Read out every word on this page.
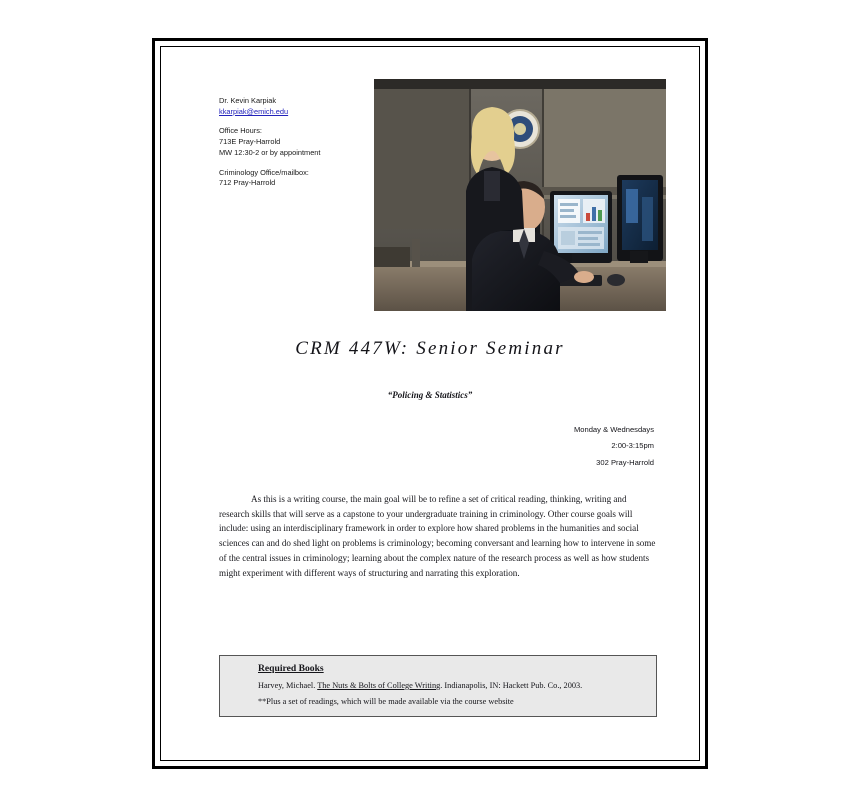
Dr. Kevin Karpiak
kkarpiak@emich.edu
Office Hours:
713E Pray-Harrold
MW 12:30-2 or by appointment
Criminology Office/mailbox:
712 Pray-Harrold
CRM 447W: Senior Seminar
“Policing & Statistics”
Monday & Wednesdays
2:00-3:15pm
302 Pray-Harrold
As this is a writing course, the main goal will be to refine a set of critical reading, thinking, writing and research skills that will serve as a capstone to your undergraduate training in criminology. Other course goals will include: using an interdisciplinary framework in order to explore how shared problems in the humanities and social sciences can and do shed light on problems is criminology; becoming conversant and learning how to intervene in some of the central issues in criminology; learning about the complex nature of the research process as well as how students might experiment with different ways of structuring and narrating this exploration.
Required Books

Harvey, Michael. The Nuts & Bolts of College Writing. Indianapolis, IN: Hackett Pub. Co., 2003.

**Plus a set of readings, which will be made available via the course website
